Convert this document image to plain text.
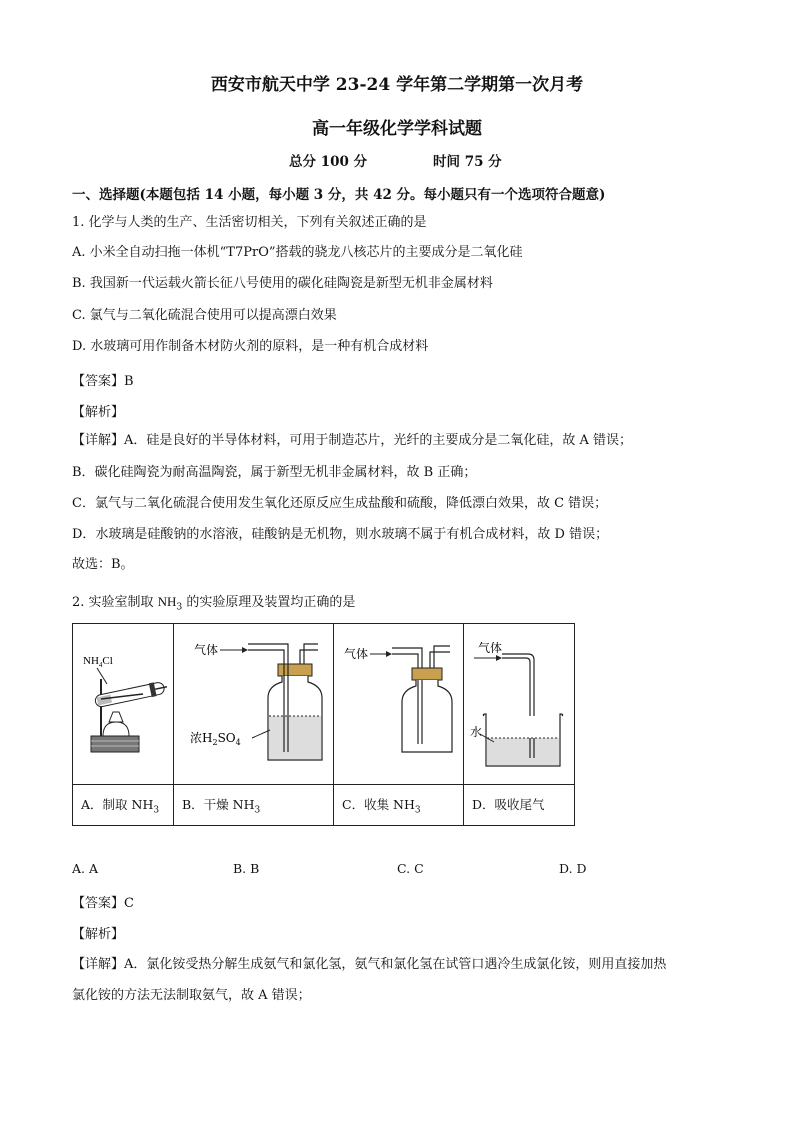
西安市航天中学 23-24 学年第二学期第一次月考
高一年级化学学科试题
总分 100 分	时间 75 分
一、选择题(本题包括 14 小题，每小题 3 分，共 42 分。每小题只有一个选项符合题意)
1. 化学与人类的生产、生活密切相关，下列有关叙述正确的是
A. 小米全自动扫拖一体机“T7PrO”搭载的骁龙八核芯片的主要成分是二氧化硅
B. 我国新一代运载火箭长征八号使用的碳化硅陶瓷是新型无机非金属材料
C. 氯气与二氧化硫混合使用可以提高漂白效果
D. 水玻璃可用作制备木材防火剂的原料，是一种有机合成材料
【答案】B
【解析】
【详解】A．硅是良好的半导体材料，可用于制造芯片，光纤的主要成分是二氧化硅，故 A 错误；
B．碳化硅陶瓷为耐高温陶瓷，属于新型无机非金属材料，故 B 正确；
C．氯气与二氧化硫混合使用发生氧化还原反应生成盐酸和硫酸，降低漂白效果，故 C 错误；
D．水玻璃是硅酸钠的水溶液，硅酸钠是无机物，则水玻璃不属于有机合成材料，故 D 错误；
故选：B。
2. 实验室制取 $NH_3$ 的实验原理及装置均正确的是
$NH_4Cl$	气体
浓$H_2SO_4$	气体	气体
水

A．制取 $NH_3$	B．干燥 $NH_3$	C．收集 $NH_3$	D．吸收尾气
A. A	B. B	C. C	D. D
【答案】C
【解析】
【详解】A．氯化铵受热分解生成氨气和氯化氢，氨气和氯化氢在试管口遇冷生成氯化铵，则用直接加热
氯化铵的方法无法制取氨气，故 A 错误；
